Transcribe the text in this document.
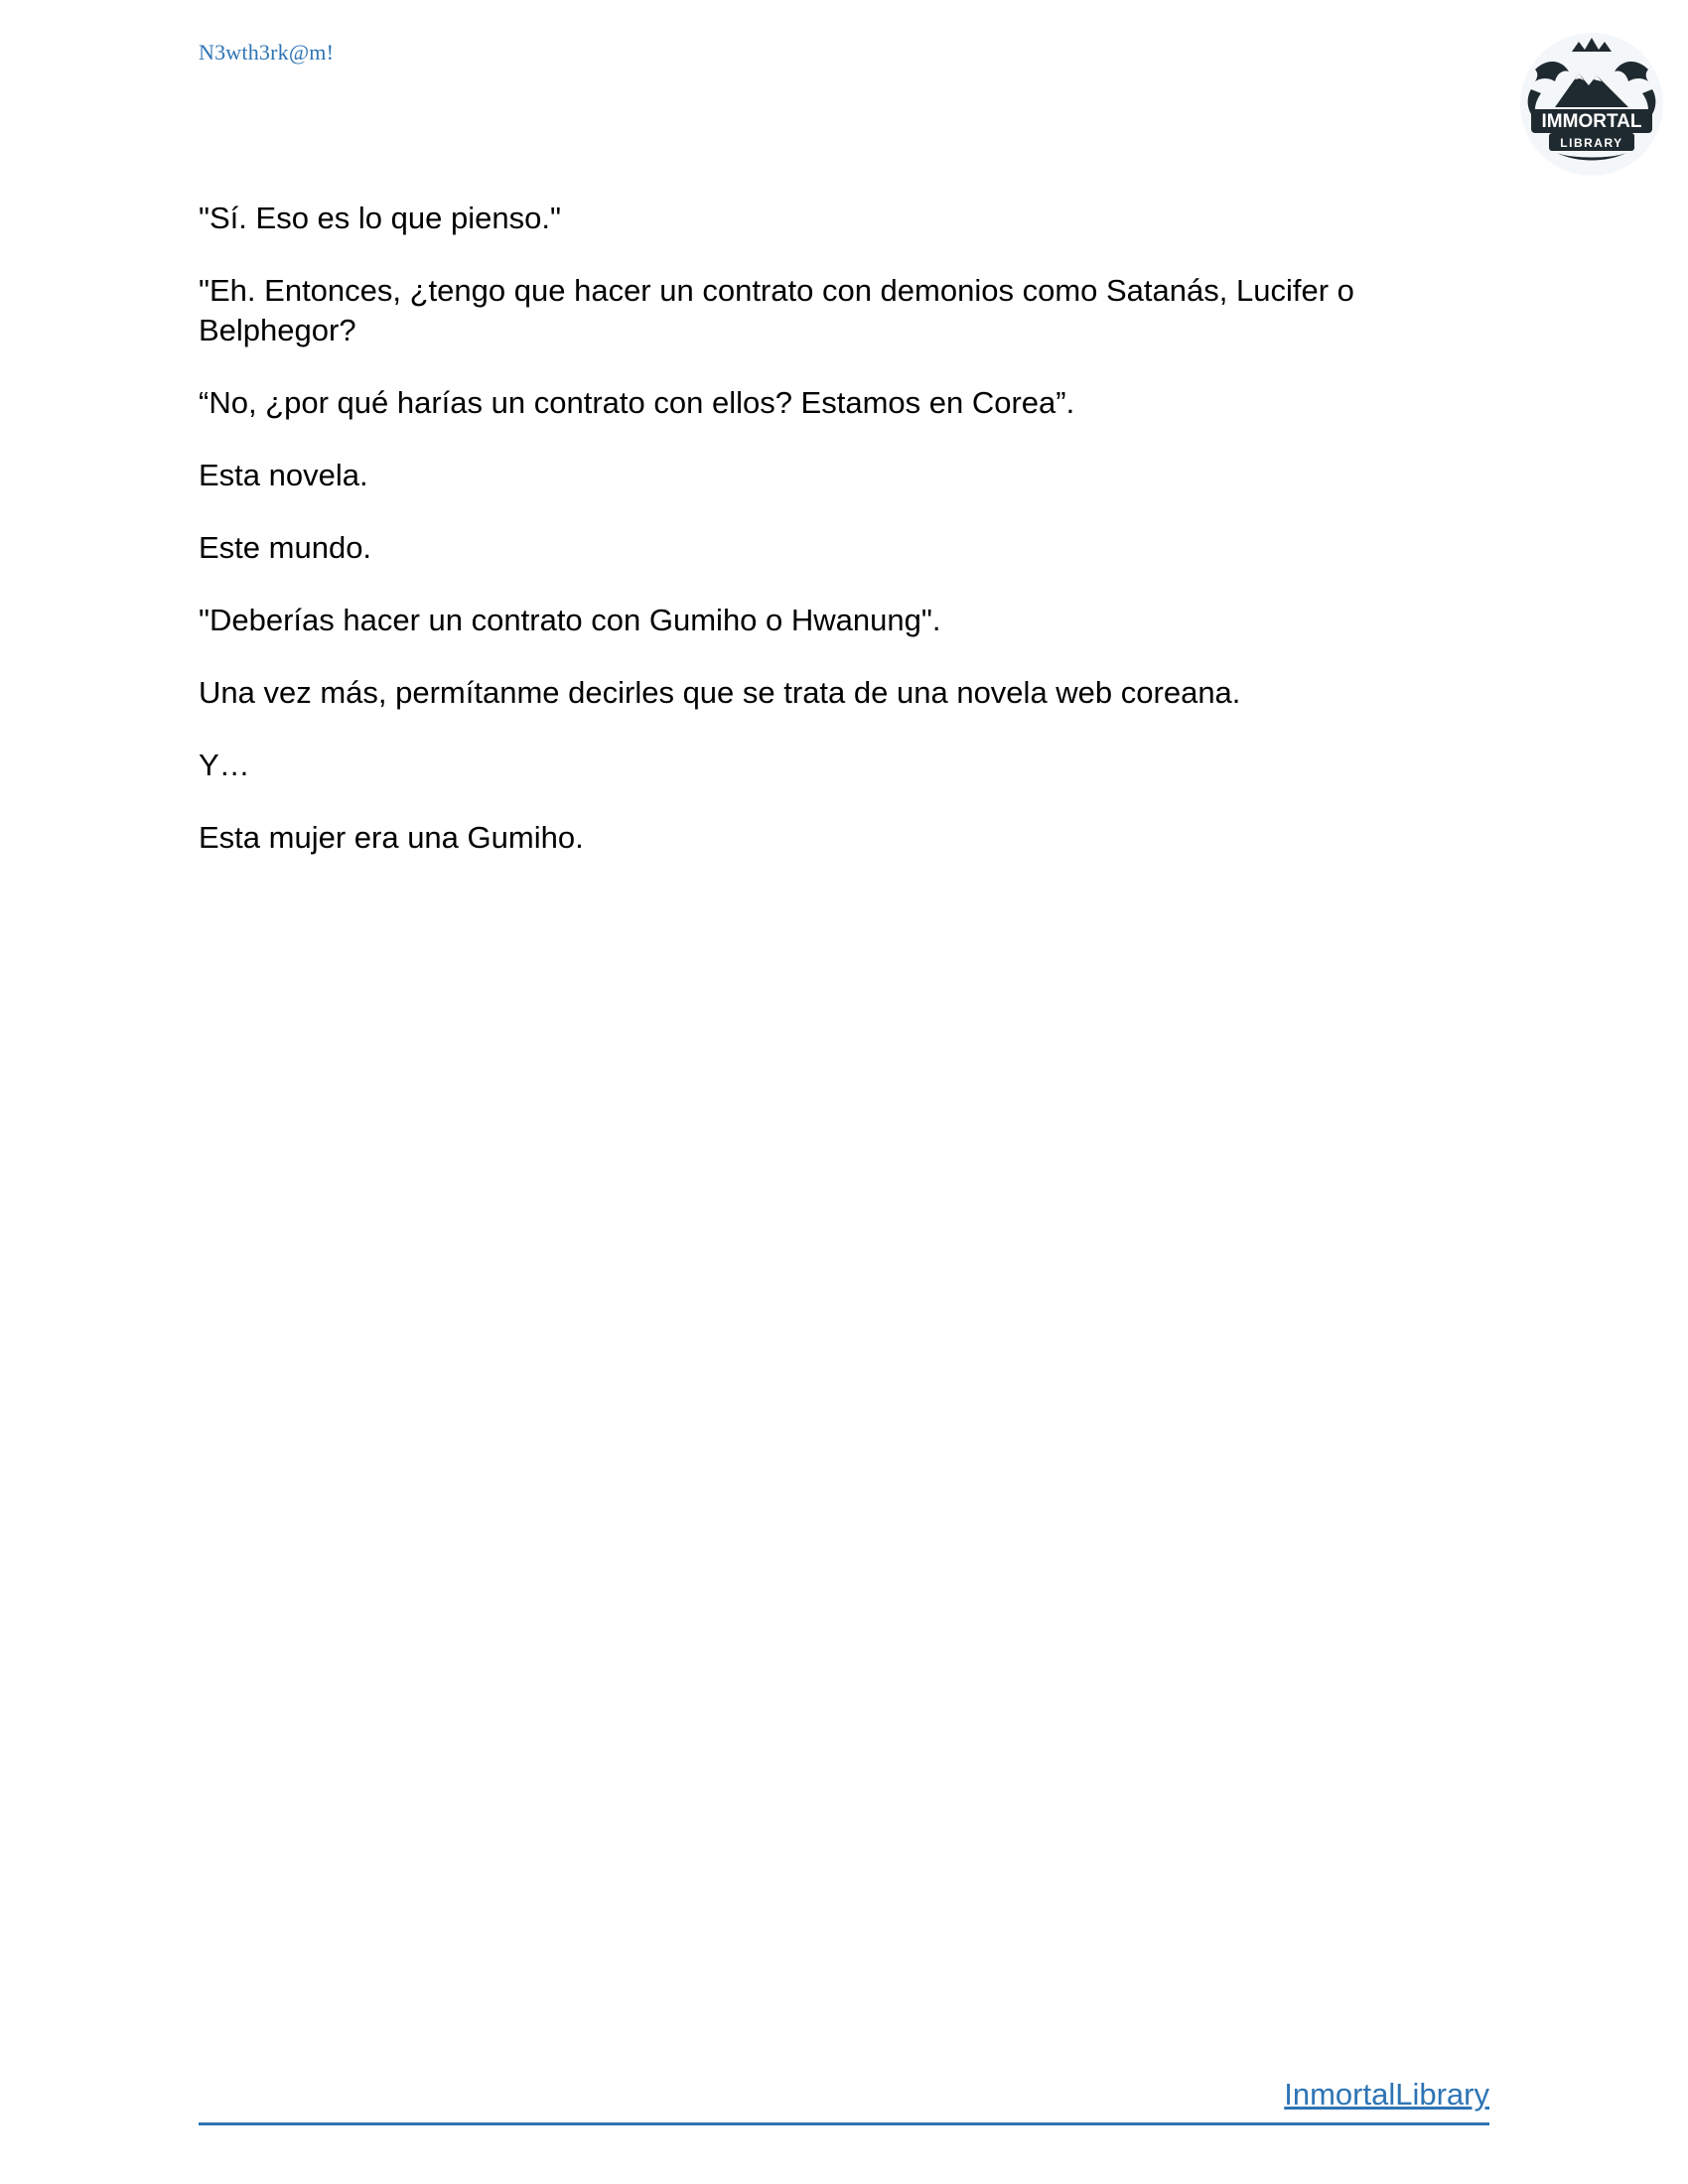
N3wth3rk@m!
IMMORTAL
LIBRARY

"Sí. Eso es lo que pienso."

"Eh. Entonces, ¿tengo que hacer un contrato con demonios como Satanás, Lucifer o Belphegor?

“No, ¿por qué harías un contrato con ellos? Estamos en Corea”.

Esta novela.

Este mundo.

"Deberías hacer un contrato con Gumiho o Hwanung".

Una vez más, permítanme decirles que se trata de una novela web coreana.

Y…

Esta mujer era una Gumiho.

InmortalLibrary
